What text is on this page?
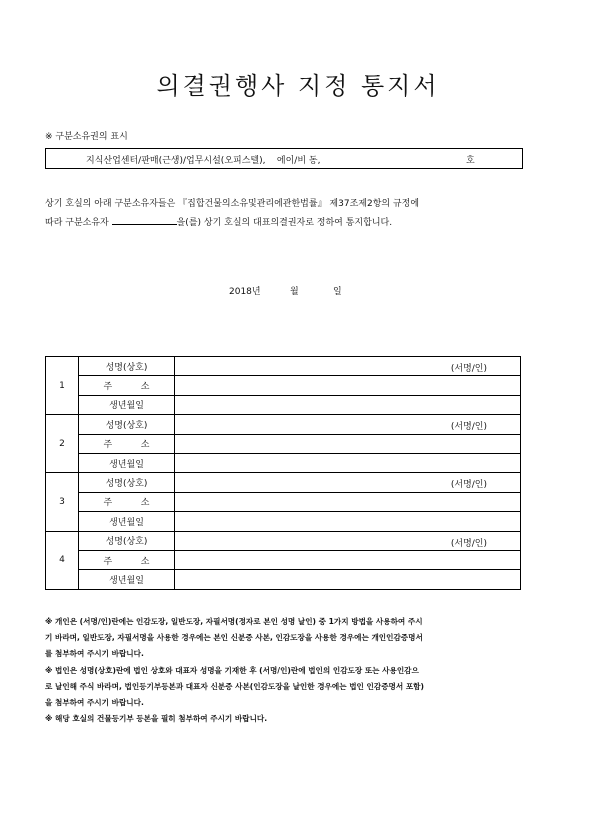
의결권행사 지정 통지서
※ 구분소유권의 표시
지식산업센터/판매(근생)/업무시설(오피스텔),    에이/비 동,	호
상기 호실의 아래 구분소유자들은 『집합건물의소유및관리에관한법률』 제37조제2항의 규정에
따라 구분소유자	을(를) 상기 호실의 대표의결권자로 정하여 통지합니다.
2018년	월	일
1	성명(상호)	(서명/인)

	주 소	
	생년월일	
2	성명(상호)	(서명/인)

	주 소	
	생년월일	
3	성명(상호)	(서명/인)

	주 소	
	생년월일	
4	성명(상호)	(서명/인)

	주 소	
	생년월일	
※ 개인은 (서명/인)란에는 인감도장, 일반도장, 자필서명(정자로 본인 성명 날인) 중 1가지 방법을 사용하여 주시
기 바라며, 일반도장, 자필서명을 사용한 경우에는 본인 신분증 사본, 인감도장을 사용한 경우에는 개인인감증명서
를 첨부하여 주시기 바랍니다.
※ 법인은 성명(상호)란에 법인 상호와 대표자 성명을 기재한 후 (서명/인)란에 법인의 인감도장 또는 사용인감으
로 날인해 주식 바라며, 법인등기부등본과 대표자 신분증 사본(인감도장을 날인한 경우에는 법인 인감증명서 포함)
을 첨부하여 주시기 바랍니다.
※ 해당 호실의 건물등기부 등본을 필히 첨부하여 주시기 바랍니다.
